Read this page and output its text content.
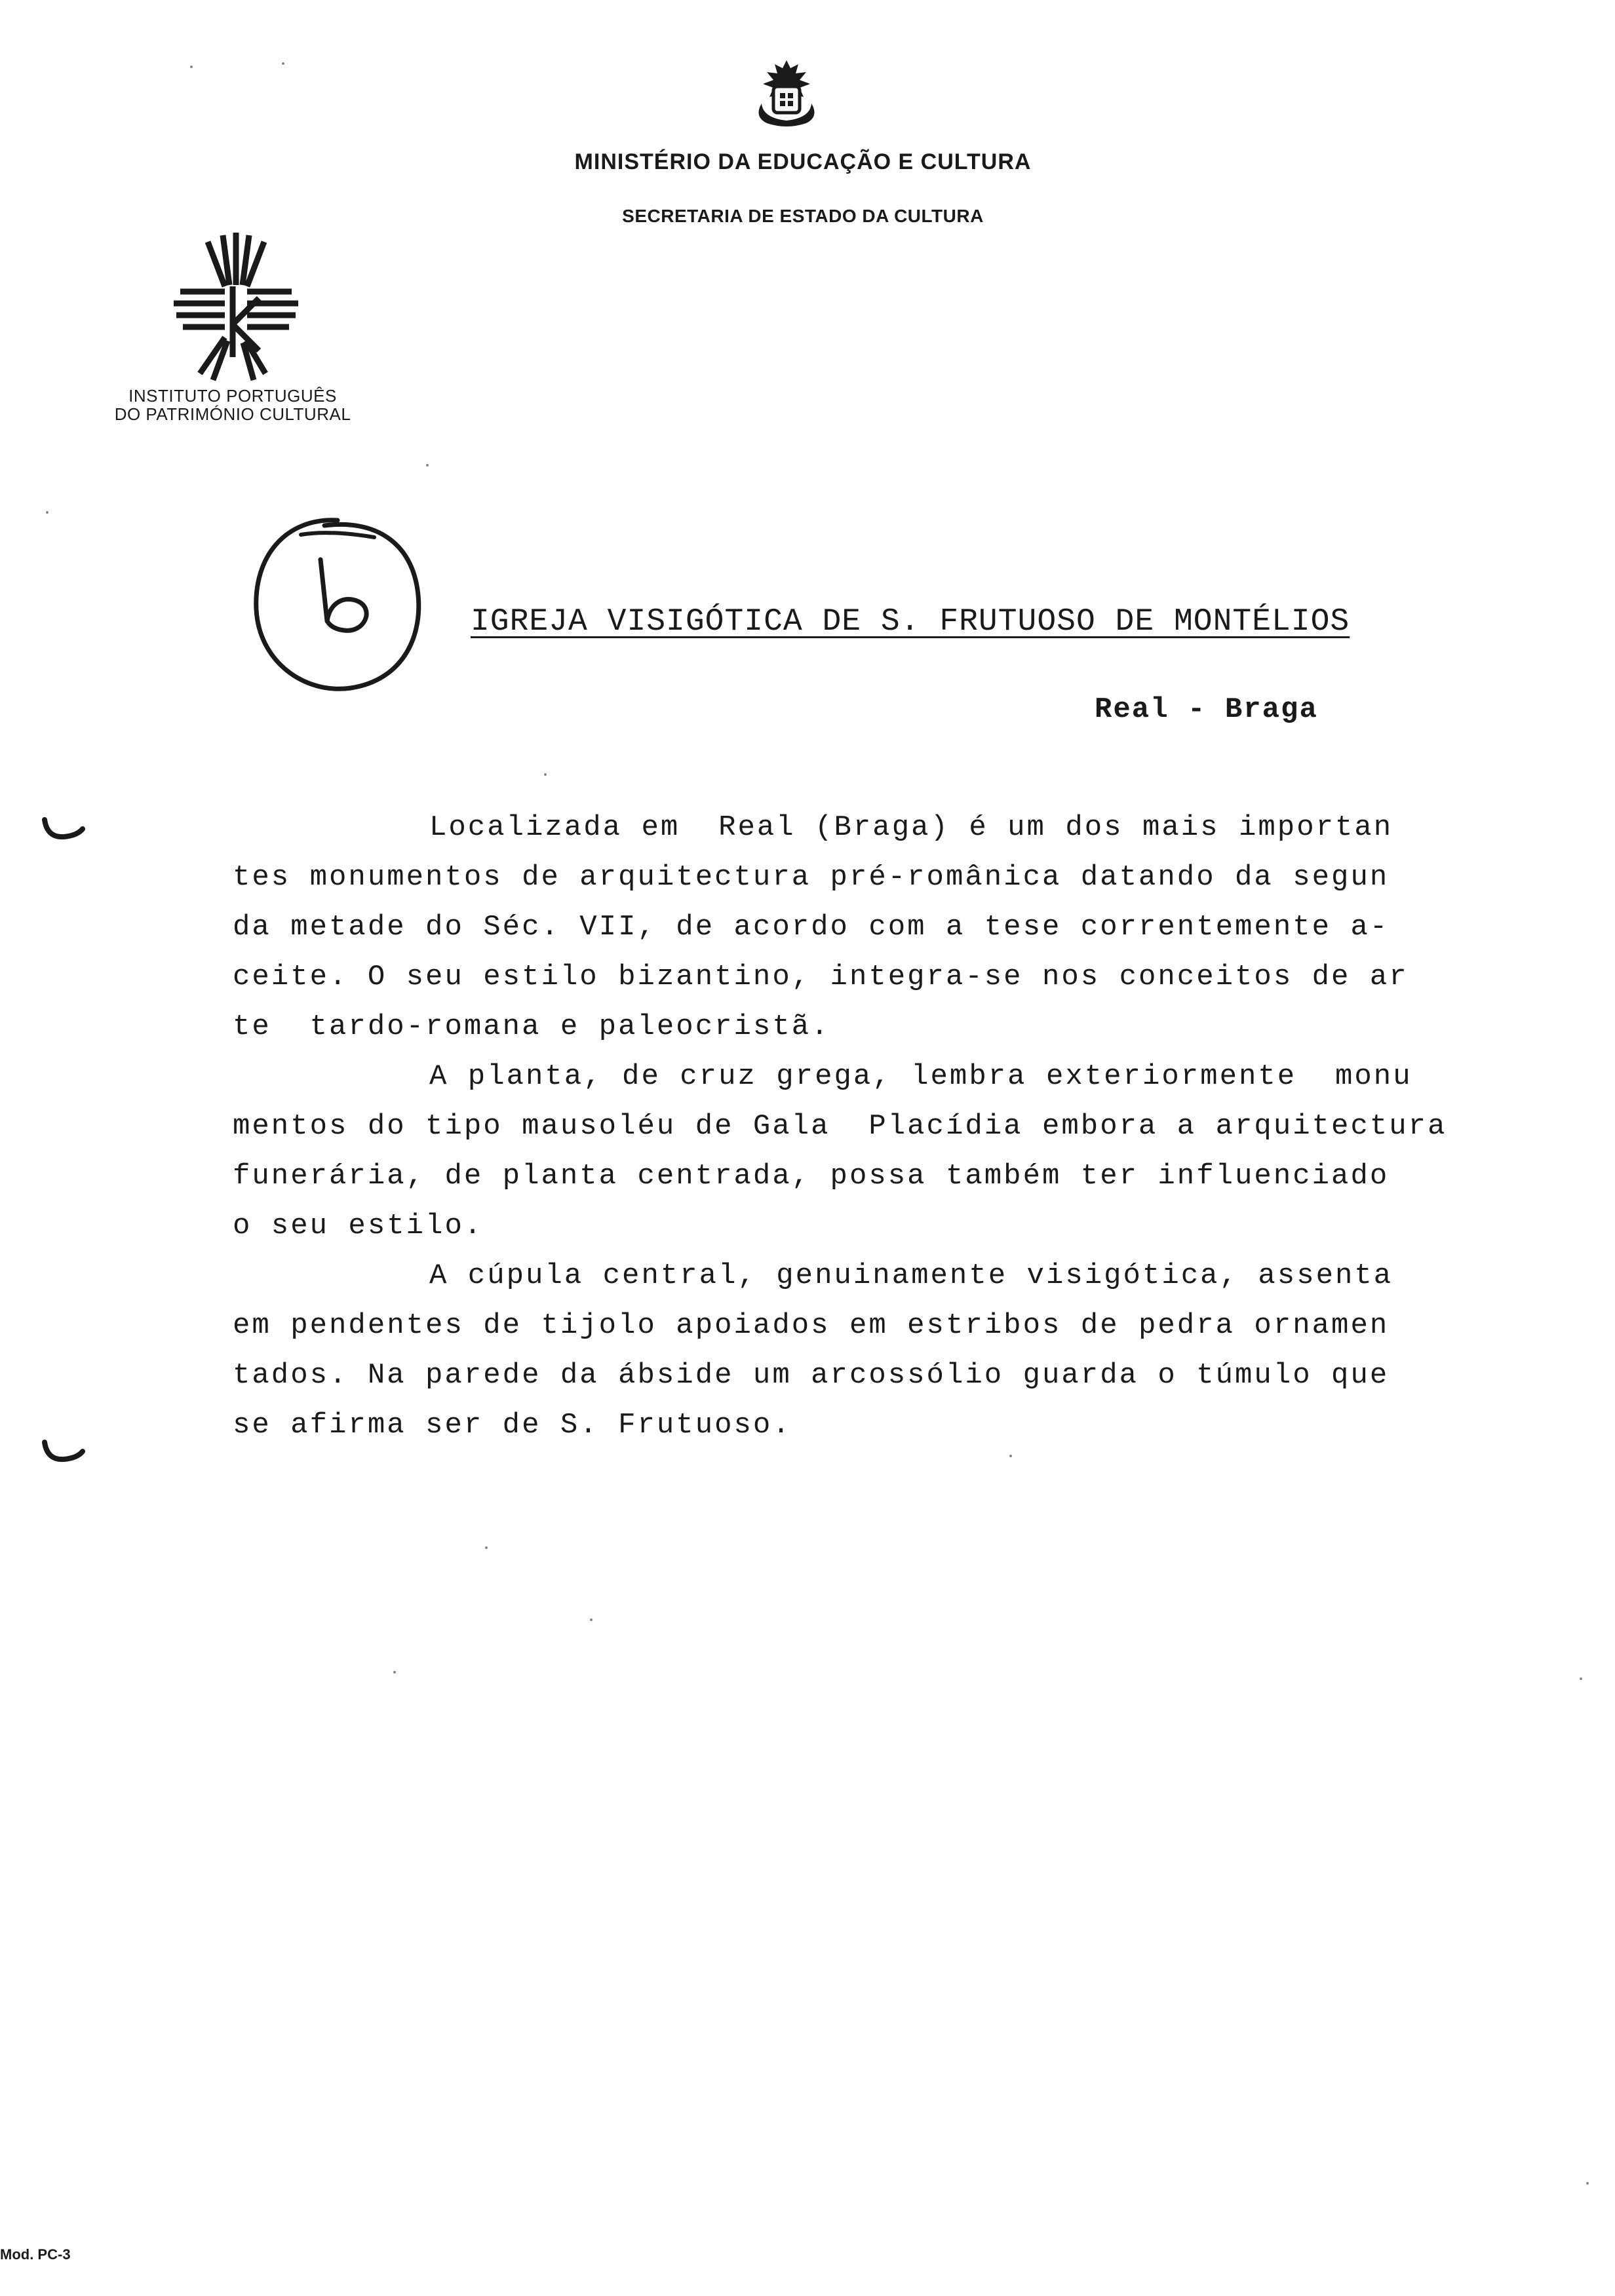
MINISTÉRIO DA EDUCAÇÃO E CULTURA
SECRETARIA DE ESTADO DA CULTURA
INSTITUTO PORTUGUÊS
DO PATRIMÓNIO CULTURAL
IGREJA VISIGÓTICA DE S. FRUTUOSO DE MONTÉLIOS
Real - Braga
Localizada em  Real (Braga) é um dos mais importan
tes monumentos de arquitectura pré-românica datando da segun
da metade do Séc. VII, de acordo com a tese correntemente a-
ceite. O seu estilo bizantino, integra-se nos conceitos de ar
te  tardo-romana e paleocristã.
A planta, de cruz grega, lembra exteriormente  monu
mentos do tipo mausoléu de Gala  Placídia embora a arquitectura
funerária, de planta centrada, possa também ter influenciado
o seu estilo.
A cúpula central, genuinamente visigótica, assenta
em pendentes de tijolo apoiados em estribos de pedra ornamen
tados. Na parede da ábside um arcossólio guarda o túmulo que
se afirma ser de S. Frutuoso.
Mod. PC-3
